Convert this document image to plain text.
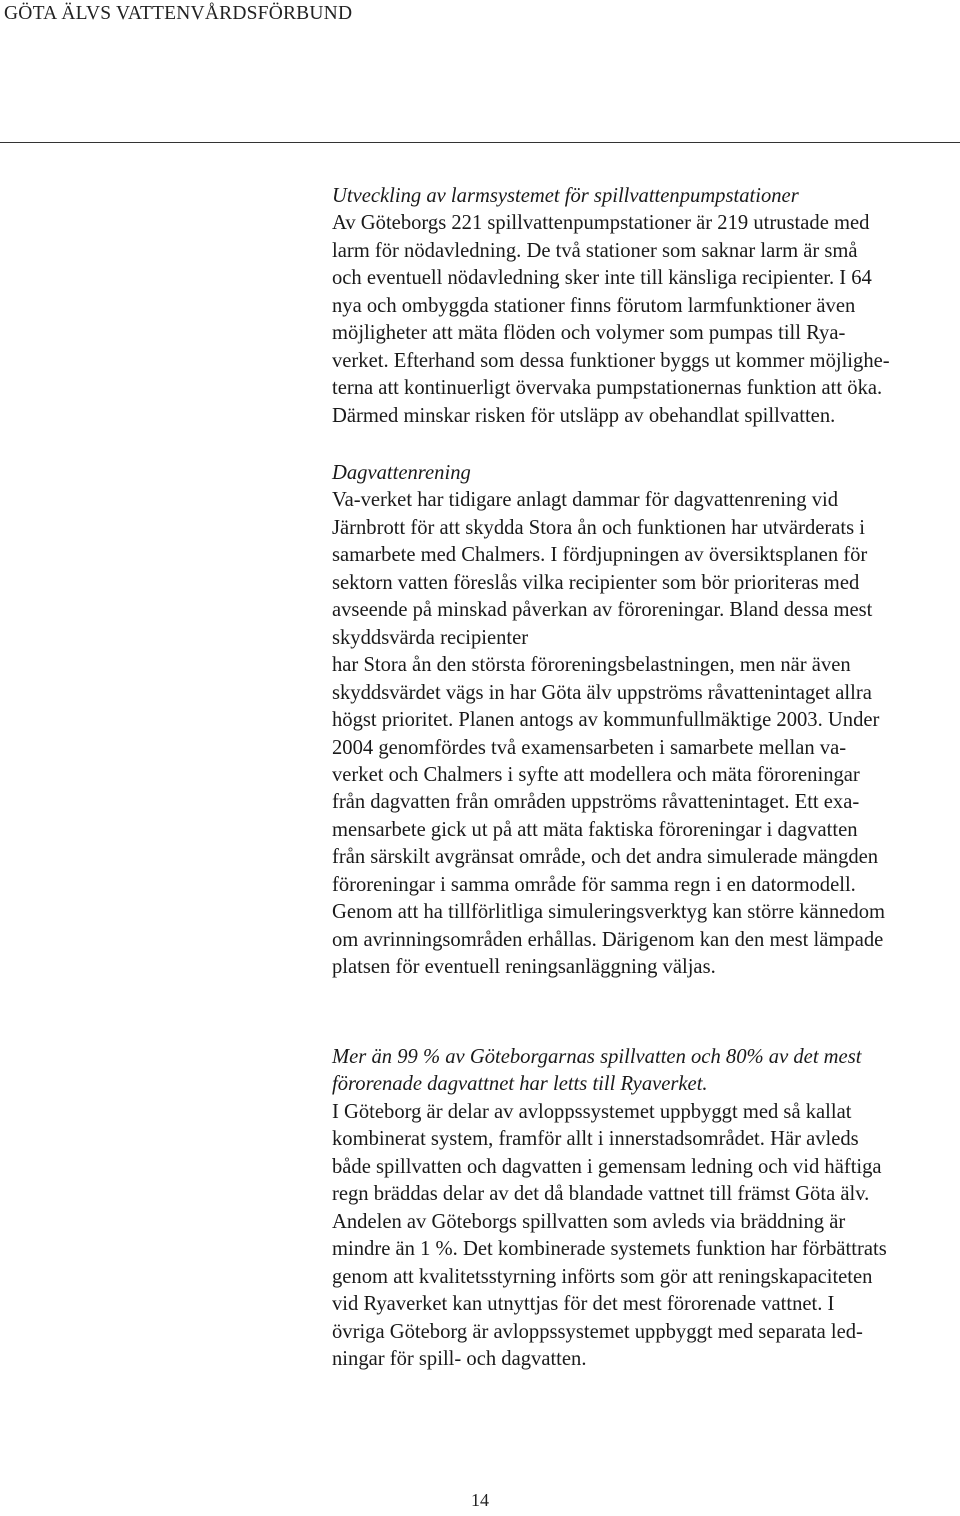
GÖTA ÄLVS VATTENVÅRDSFÖRBUND
Utveckling av larmsystemet för spillvattenpumpstationer
Av Göteborgs 221 spillvattenpumpstationer är 219 utrustade med
larm för nödavledning. De två stationer som saknar larm är små
och eventuell nödavledning sker inte till känsliga recipienter. I 64
nya och ombyggda stationer finns förutom larmfunktioner även
möjligheter att mäta flöden och volymer som pumpas till Rya-
verket. Efterhand som dessa funktioner byggs ut kommer möjlighe-
terna att kontinuerligt övervaka pumpstationernas funktion att öka.
Därmed minskar risken för utsläpp av obehandlat spillvatten.
Dagvattenrening
Va-verket har tidigare anlagt dammar för dagvattenrening vid
Järnbrott för att skydda Stora ån och funktionen har utvärderats i
samarbete med Chalmers. I fördjupningen av översiktsplanen för
sektorn vatten föreslås vilka recipienter som bör prioriteras med
avseende på minskad påverkan av föroreningar. Bland dessa mest
skyddsvärda recipienter
har Stora ån den största föroreningsbelastningen, men när även
skyddsvärdet vägs in har Göta älv uppströms råvattenintaget allra
högst prioritet. Planen antogs av kommunfullmäktige 2003. Under
2004 genomfördes två examensarbeten i samarbete mellan va-
verket och Chalmers i syfte att modellera och mäta föroreningar
från dagvatten från områden uppströms råvattenintaget. Ett exa-
mensarbete gick ut på att mäta faktiska föroreningar i dagvatten
från särskilt avgränsat område, och det andra simulerade mängden
föroreningar i samma område för samma regn i en datormodell.
Genom att ha tillförlitliga simuleringsverktyg kan större kännedom
om avrinningsområden erhållas. Därigenom kan den mest lämpade
platsen för eventuell reningsanläggning väljas.
Mer än 99 % av Göteborgarnas spillvatten och 80% av det mest
förorenade dagvattnet har letts till Ryaverket.
I Göteborg är delar av avloppssystemet uppbyggt med så kallat
kombinerat system, framför allt i innerstadsområdet. Här avleds
både spillvatten och dagvatten i gemensam ledning och vid häftiga
regn bräddas delar av det då blandade vattnet till främst Göta älv.
Andelen av Göteborgs spillvatten som avleds via bräddning är
mindre än 1 %. Det kombinerade systemets funktion har förbättrats
genom att kvalitetsstyrning införts som gör att reningskapaciteten
vid Ryaverket kan utnyttjas för det mest förorenade vattnet. I
övriga Göteborg är avloppssystemet uppbyggt med separata led-
ningar för spill- och dagvatten.
14
